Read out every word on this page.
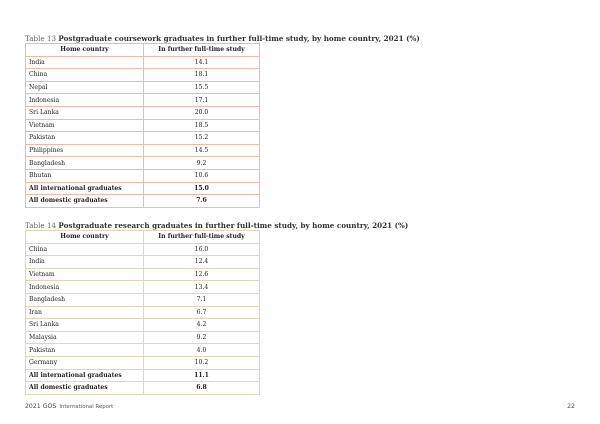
Table 13 Postgraduate coursework graduates in further full-time study, by home country, 2021 (%)
Home country	In further full-time study
India	14.1
China	18.1
Nepal	15.5
Indonesia	17.1
Sri Lanka	20.0
Vietnam	18.5
Pakistan	15.2
Philippines	14.5
Bangladesh	9.2
Bhutan	10.6
All international graduates	15.0
All domestic graduates	7.6
Table 14 Postgraduate research graduates in further full-time study, by home country, 2021 (%)
Home country	In further full-time study
China	16.0
India	12.4
Vietnam	12.6
Indonesia	13.4
Bangladesh	7.1
Iran	6.7
Sri Lanka	4.2
Malaysia	9.2
Pakistan	4.0
Germany	10.2
All international graduates	11.1
All domestic graduates	6.8
2021 GOS International Report	22
